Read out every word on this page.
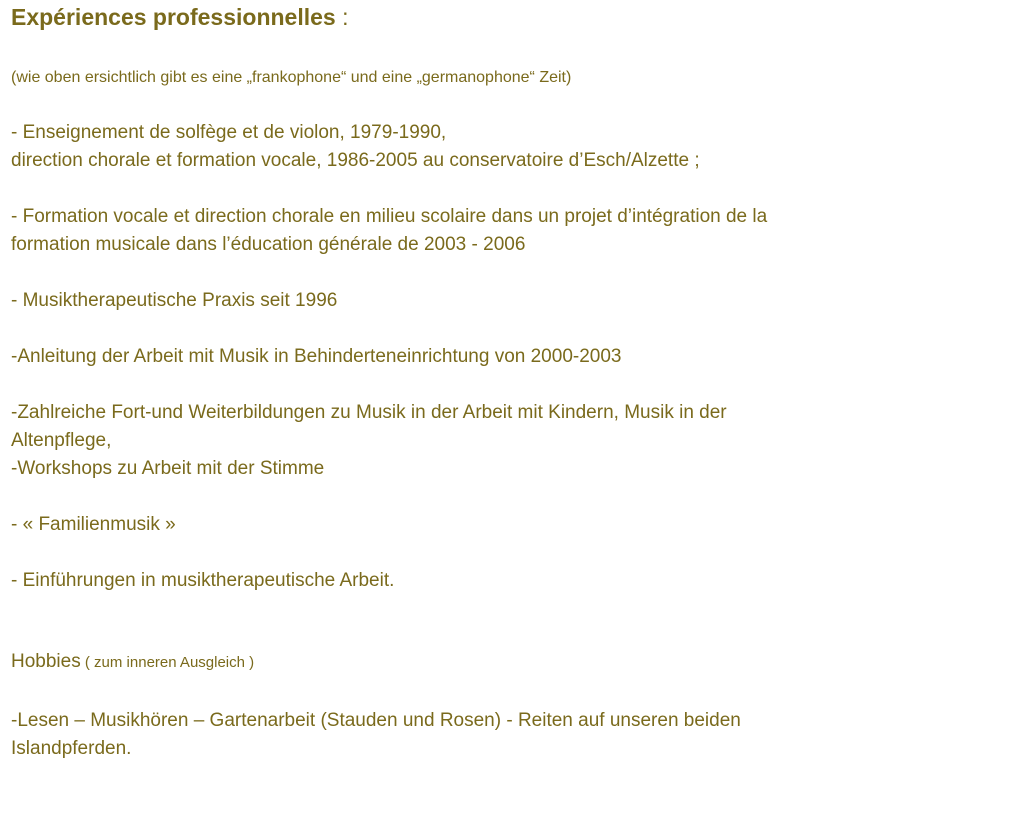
Expériences professionnelles :
(wie oben ersichtlich gibt es eine „frankophone“ und eine „germanophone“ Zeit)
- Enseignement de solfège et de violon, 1979-1990,
direction chorale et formation vocale, 1986-2005 au conservatoire d’Esch/Alzette ;
- Formation vocale et direction chorale en milieu scolaire dans un projet d’intégration de la
formation musicale dans l’éducation générale de 2003 - 2006
- Musiktherapeutische Praxis seit 1996
-Anleitung der Arbeit mit Musik in Behinderteneinrichtung von 2000-2003
-Zahlreiche Fort-und Weiterbildungen zu Musik in der Arbeit mit Kindern, Musik in der
Altenpflege,
-Workshops zu Arbeit mit der Stimme
- « Familienmusik »
- Einführungen in musiktherapeutische Arbeit.
Hobbies ( zum inneren Ausgleich )
-Lesen – Musikhören – Gartenarbeit (Stauden und Rosen) - Reiten auf unseren beiden
Islandpferden.
